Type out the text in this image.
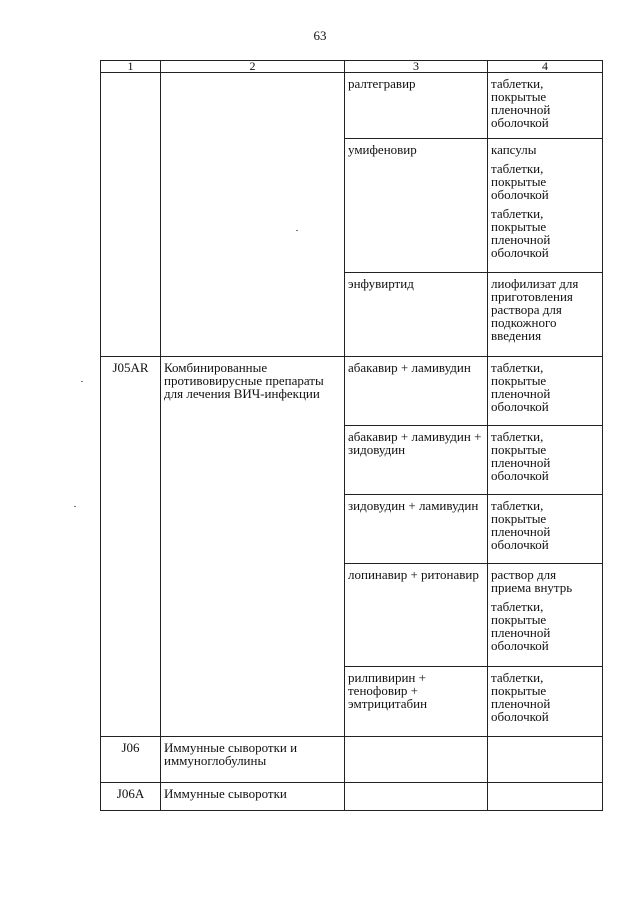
63
1	2	3	4
		ралтегравир	таблетки, покрытые пленочной оболочкой

		умифеновир	капсулы
таблетки, покрытые оболочкой
таблетки, покрытые пленочной оболочкой

		энфувиртид	лиофилизат для приготовления раствора для подкожного введения

J05AR	Комбинированные противовирусные препараты для лечения ВИЧ-инфекции	абакавир + ламивудин	таблетки, покрытые пленочной оболочкой

		абакавир + ламивудин + зидовудин	таблетки, покрытые пленочной оболочкой

		зидовудин + ламивудин	таблетки, покрытые пленочной оболочкой

		лопинавир + ритонавир	раствор для приема внутрь
таблетки, покрытые пленочной оболочкой

		рилпивирин + тенофовир + эмтрицитабин	таблетки, покрытые пленочной оболочкой

J06	Иммунные сыворотки и иммуноглобулины		
J06A	Иммунные сыворотки		
